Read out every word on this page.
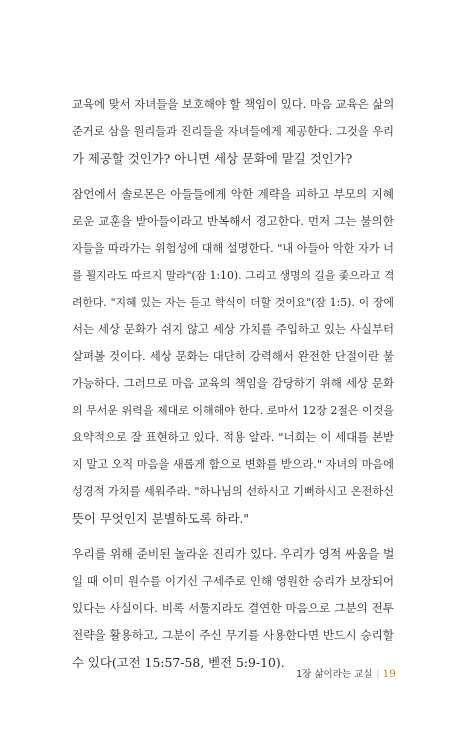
교육에 맞서 자녀들을 보호해야 할 책임이 있다. 마음 교육은 삶의
준거로 삼을 원리들과 진리들을 자녀들에게 제공한다. 그것을 우리
가 제공할 것인가? 아니면 세상 문화에 맡길 것인가?
잠언에서 솔로몬은 아들들에게 악한 계략을 피하고 부모의 지혜
로운 교훈을 받아들이라고 반복해서 경고한다. 먼저 그는 불의한
자들을 따라가는 위험성에 대해 설명한다. "내 아들아 악한 자가 너
를 꾈지라도 따르지 말라"(잠 1:10). 그리고 생명의 길을 좇으라고 격
려한다. "지혜 있는 자는 듣고 학식이 더할 것이요"(잠 1:5). 이 장에
서는 세상 문화가 쉬지 않고 세상 가치를 주입하고 있는 사실부터
살펴볼 것이다. 세상 문화는 대단히 강력해서 완전한 단절이란 불
가능하다. 그러므로 마음 교육의 책임을 감당하기 위해 세상 문화
의 무서운 위력을 제대로 이해해야 한다. 로마서 12장 2절은 이것을
요약적으로 잘 표현하고 있다. 적용 알라. "너희는 이 세대를 본받
지 말고 오직 마음을 새롭게 함으로 변화를 받으라." 자녀의 마음에
성경적 가치를 세워주라. "하나님의 선하시고 기뻐하시고 온전하신
뜻이 무엇인지 분별하도록 하라."
우리를 위해 준비된 놀라운 진리가 있다. 우리가 영적 싸움을 벌
일 때 이미 원수를 이기신 구세주로 인해 영원한 승리가 보장되어
있다는 사실이다. 비록 서툴지라도 결연한 마음으로 그분의 전투
전략을 활용하고, 그분이 주신 무기를 사용한다면 반드시 승리할
수 있다(고전 15:57-58, 벧전 5:9-10).
1장 삶이라는 교실 | 19
